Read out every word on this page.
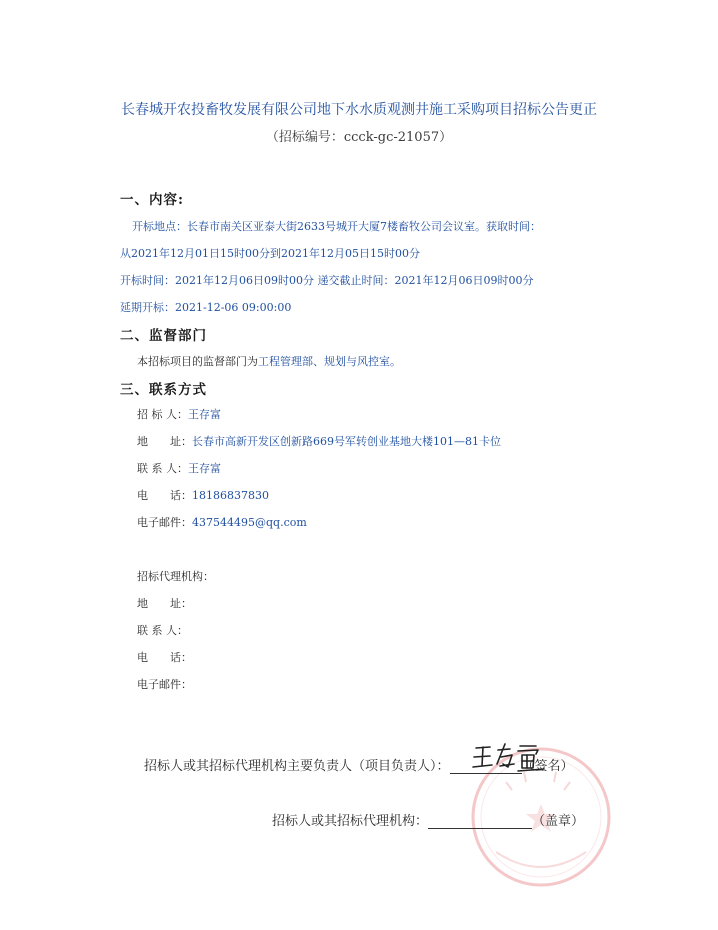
长春城开农投畜牧发展有限公司地下水水质观测井施工采购项目招标公告更正
（招标编号：ccck-gc-21057）
一、内容:
开标地点：长春市南关区亚泰大街2633号城开大厦7楼畜牧公司会议室。获取时间：
从2021年12月01日15时00分到2021年12月05日15时00分
开标时间：2021年12月06日09时00分 递交截止时间：2021年12月06日09时00分
延期开标：2021-12-06 09:00:00
二、监督部门
本招标项目的监督部门为工程管理部、规划与风控室。
三、联系方式
招 标 人：王存富
地　　址：长春市高新开发区创新路669号军转创业基地大楼101—81卡位
联 系 人：王存富
电　　话：18186837830
电子邮件：437544495@qq.com
招标代理机构：
地　　址：
联 系 人：
电　　话：
电子邮件：
招标人或其招标代理机构主要负责人（项目负责人）：	（签名）
招标人或其招标代理机构：	（盖章）
